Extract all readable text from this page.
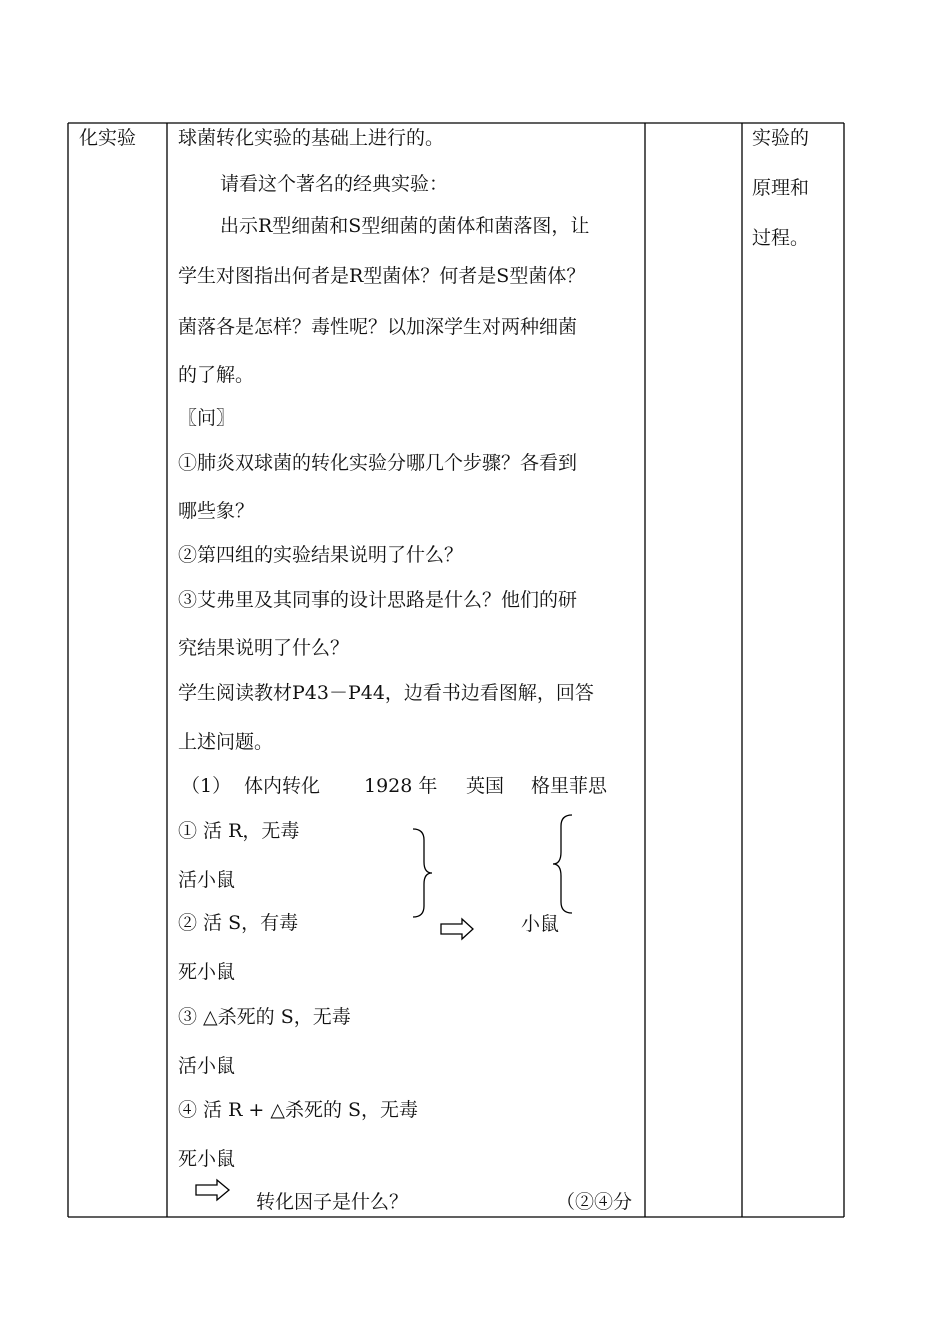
化实验 球菌转化实验的基础上进行的。
请看这个著名的经典实验：
出示R型细菌和S型细菌的菌体和菌落图，让
学生对图指出何者是R型菌体？何者是S型菌体？
菌落各是怎样？毒性呢？以加深学生对两种细菌
的了解。
〖问〗
①肺炎双球菌的转化实验分哪几个步骤？各看到
哪些象？
②第四组的实验结果说明了什么？
③艾弗里及其同事的设计思路是什么？他们的研
究结果说明了什么？
学生阅读教材P43－P44，边看书边看图解，回答
上述问题。
（1） 体内转化 1928 年 英国 格里菲思
① 活 R，无毒
活小鼠
② 活 S，有毒	小鼠
死小鼠
③ △杀死的 S，无毒
活小鼠
④ 活 R + △杀死的 S，无毒
死小鼠
转化因子是什么？	（②④分
实验的
原理和
过程。
